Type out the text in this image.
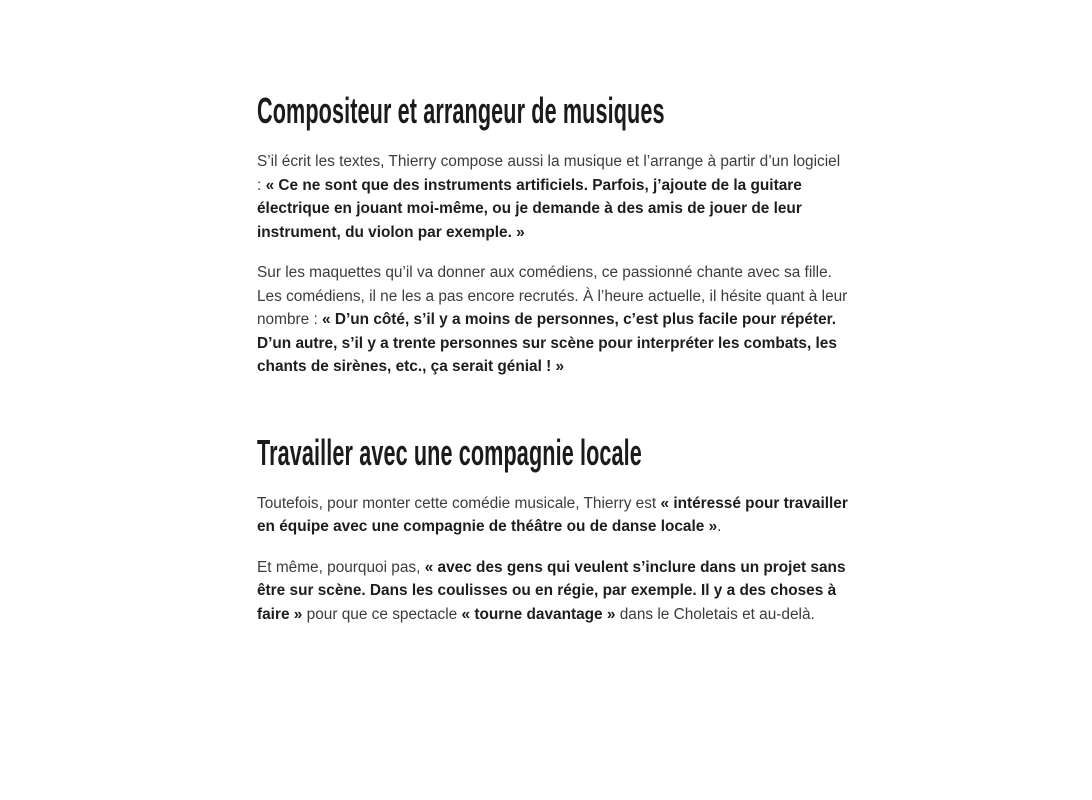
Compositeur et arrangeur de musiques

S’il écrit les textes, Thierry compose aussi la musique et l’arrange à partir d’un logiciel : « Ce ne sont que des instruments artificiels. Parfois, j’ajoute de la guitare électrique en jouant moi-même, ou je demande à des amis de jouer de leur instrument, du violon par exemple. »

Sur les maquettes qu’il va donner aux comédiens, ce passionné chante avec sa fille. Les comédiens, il ne les a pas encore recrutés. À l’heure actuelle, il hésite quant à leur nombre : « D’un côté, s’il y a moins de personnes, c’est plus facile pour répéter. D’un autre, s’il y a trente personnes sur scène pour interpréter les combats, les chants de sirènes, etc., ça serait génial ! »

Travailler avec une compagnie locale

Toutefois, pour monter cette comédie musicale, Thierry est « intéressé pour travailler en équipe avec une compagnie de théâtre ou de danse locale ».

Et même, pourquoi pas, « avec des gens qui veulent s’inclure dans un projet sans être sur scène. Dans les coulisses ou en régie, par exemple. Il y a des choses à faire » pour que ce spectacle « tourne davantage » dans le Choletais et au-delà.
